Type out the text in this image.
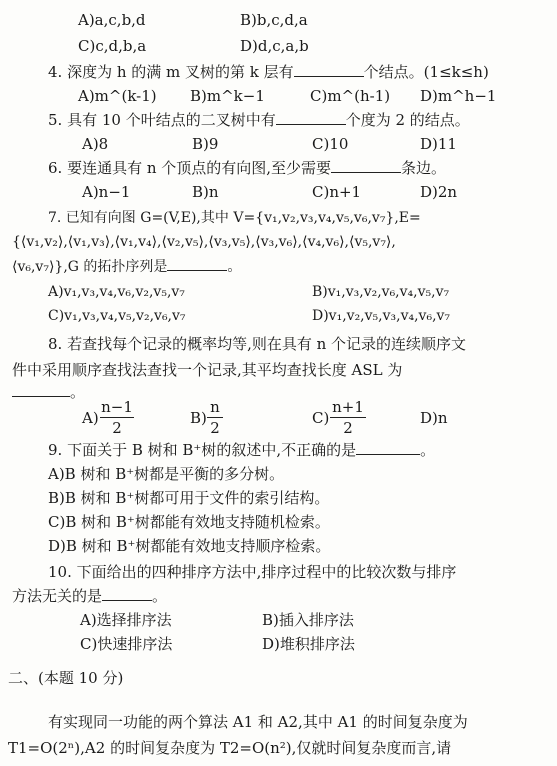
A)a,c,b,d	B)b,c,d,a
C)c,d,b,a	D)d,c,a,b
4. 深度为 h 的满 m 叉树的第 k 层有	个结点。(1≤k≤h)
A)m^(k-1) B)m^k−1	C)m^(h-1) D)m^h−1
5. 具有 10 个叶结点的二叉树中有	个度为 2 的结点。
A)8	B)9	C)10	D)11
6. 要连通具有 n 个顶点的有向图,至少需要	条边。
A)n−1	B)n	C)n+1	D)2n
7. 已知有向图 G=(V,E),其中 V={v₁,v₂,v₃,v₄,v₅,v₆,v₇},E=
{⟨v₁,v₂⟩,⟨v₁,v₃⟩,⟨v₁,v₄⟩,⟨v₂,v₅⟩,⟨v₃,v₅⟩,⟨v₃,v₆⟩,⟨v₄,v₆⟩,⟨v₅,v₇⟩,
⟨v₆,v₇⟩},G 的拓扑序列是	。
A)v₁,v₃,v₄,v₆,v₂,v₅,v₇	B)v₁,v₃,v₂,v₆,v₄,v₅,v₇
C)v₁,v₃,v₄,v₅,v₂,v₆,v₇	D)v₁,v₂,v₅,v₃,v₄,v₆,v₇
8. 若查找每个记录的概率均等,则在具有 n 个记录的连续顺序文
件中采用顺序查找法查找一个记录,其平均查找长度 ASL 为
。
A)
n−1
2
B)
n
2
C)
n+1
2
D)n
9. 下面关于 B 树和 B⁺树的叙述中,不正确的是	。
A)B 树和 B⁺树都是平衡的多分树。
B)B 树和 B⁺树都可用于文件的索引结构。
C)B 树和 B⁺树都能有效地支持随机检索。
D)B 树和 B⁺树都能有效地支持顺序检索。
10. 下面给出的四种排序方法中,排序过程中的比较次数与排序
方法无关的是	。
A)选择排序法	B)插入排序法
C)快速排序法	D)堆积排序法
二、(本题 10 分)
有实现同一功能的两个算法 A1 和 A2,其中 A1 的时间复杂度为
T1=O(2ⁿ),A2 的时间复杂度为 T2=O(n²),仅就时间复杂度而言,请
